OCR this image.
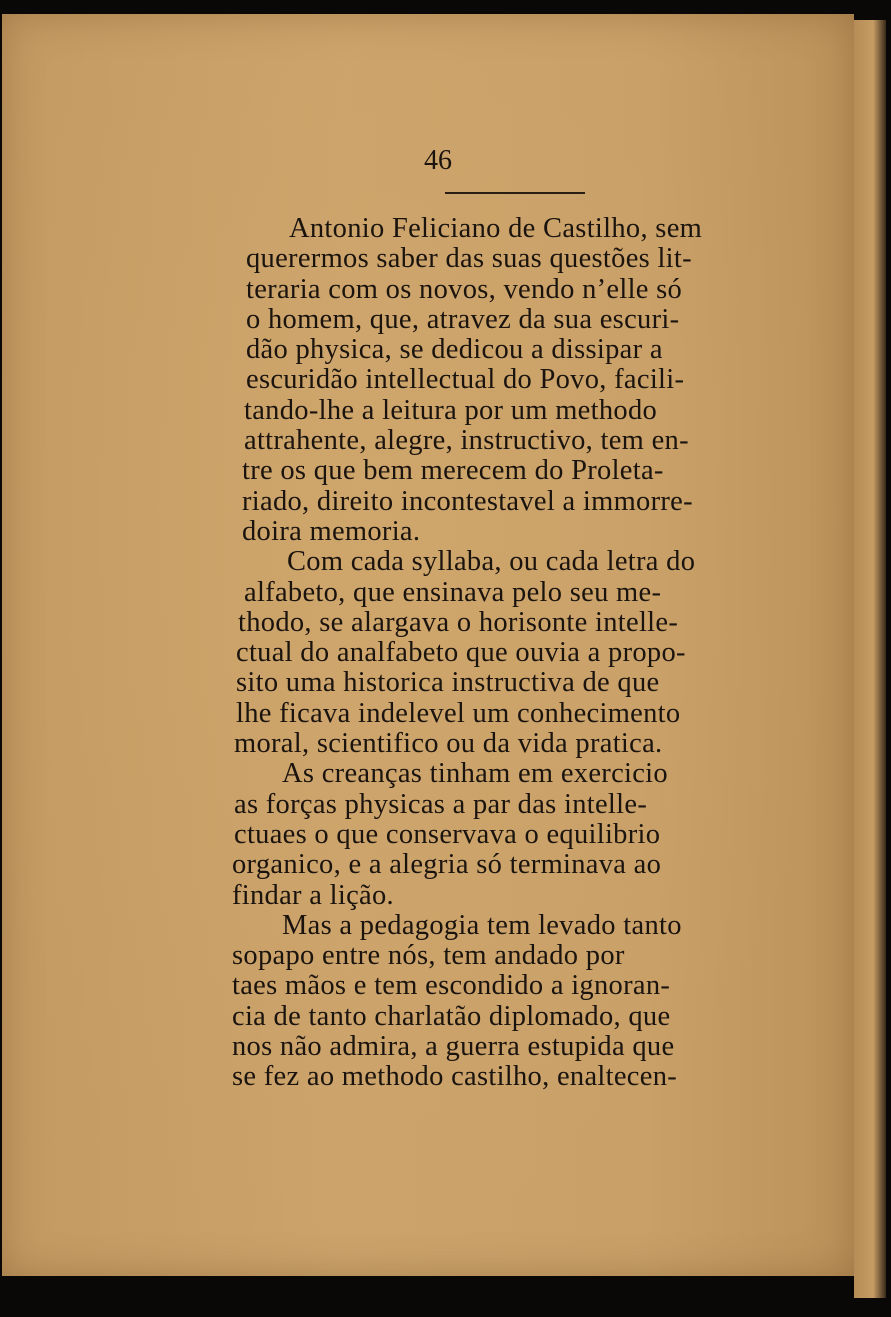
46
Antonio Feliciano de Castilho, sem
querermos saber das suas questões lit-
teraria com os novos, vendo n’elle só
o homem, que, atravez da sua escuri-
dão physica, se dedicou a dissipar a
escuridão intellectual do Povo, facili-
tando-lhe a leitura por um methodo
attrahente, alegre, instructivo, tem en-
tre os que bem merecem do Proleta-
riado, direito incontestavel a immorre-
doira memoria.
Com cada syllaba, ou cada letra do
alfabeto, que ensinava pelo seu me-
thodo, se alargava o horisonte intelle-
ctual do analfabeto que ouvia a propo-
sito uma historica instructiva de que
lhe ficava indelevel um conhecimento
moral, scientifico ou da vida pratica.
As creanças tinham em exercicio
as forças physicas a par das intelle-
ctuaes o que conservava o equilibrio
organico, e a alegria só terminava ao
findar a lição.
Mas a pedagogia tem levado tanto
sopapo entre nós, tem andado por
taes mãos e tem escondido a ignoran-
cia de tanto charlatão diplomado, que
nos não admira, a guerra estupida que
se fez ao methodo castilho, enaltecen-
